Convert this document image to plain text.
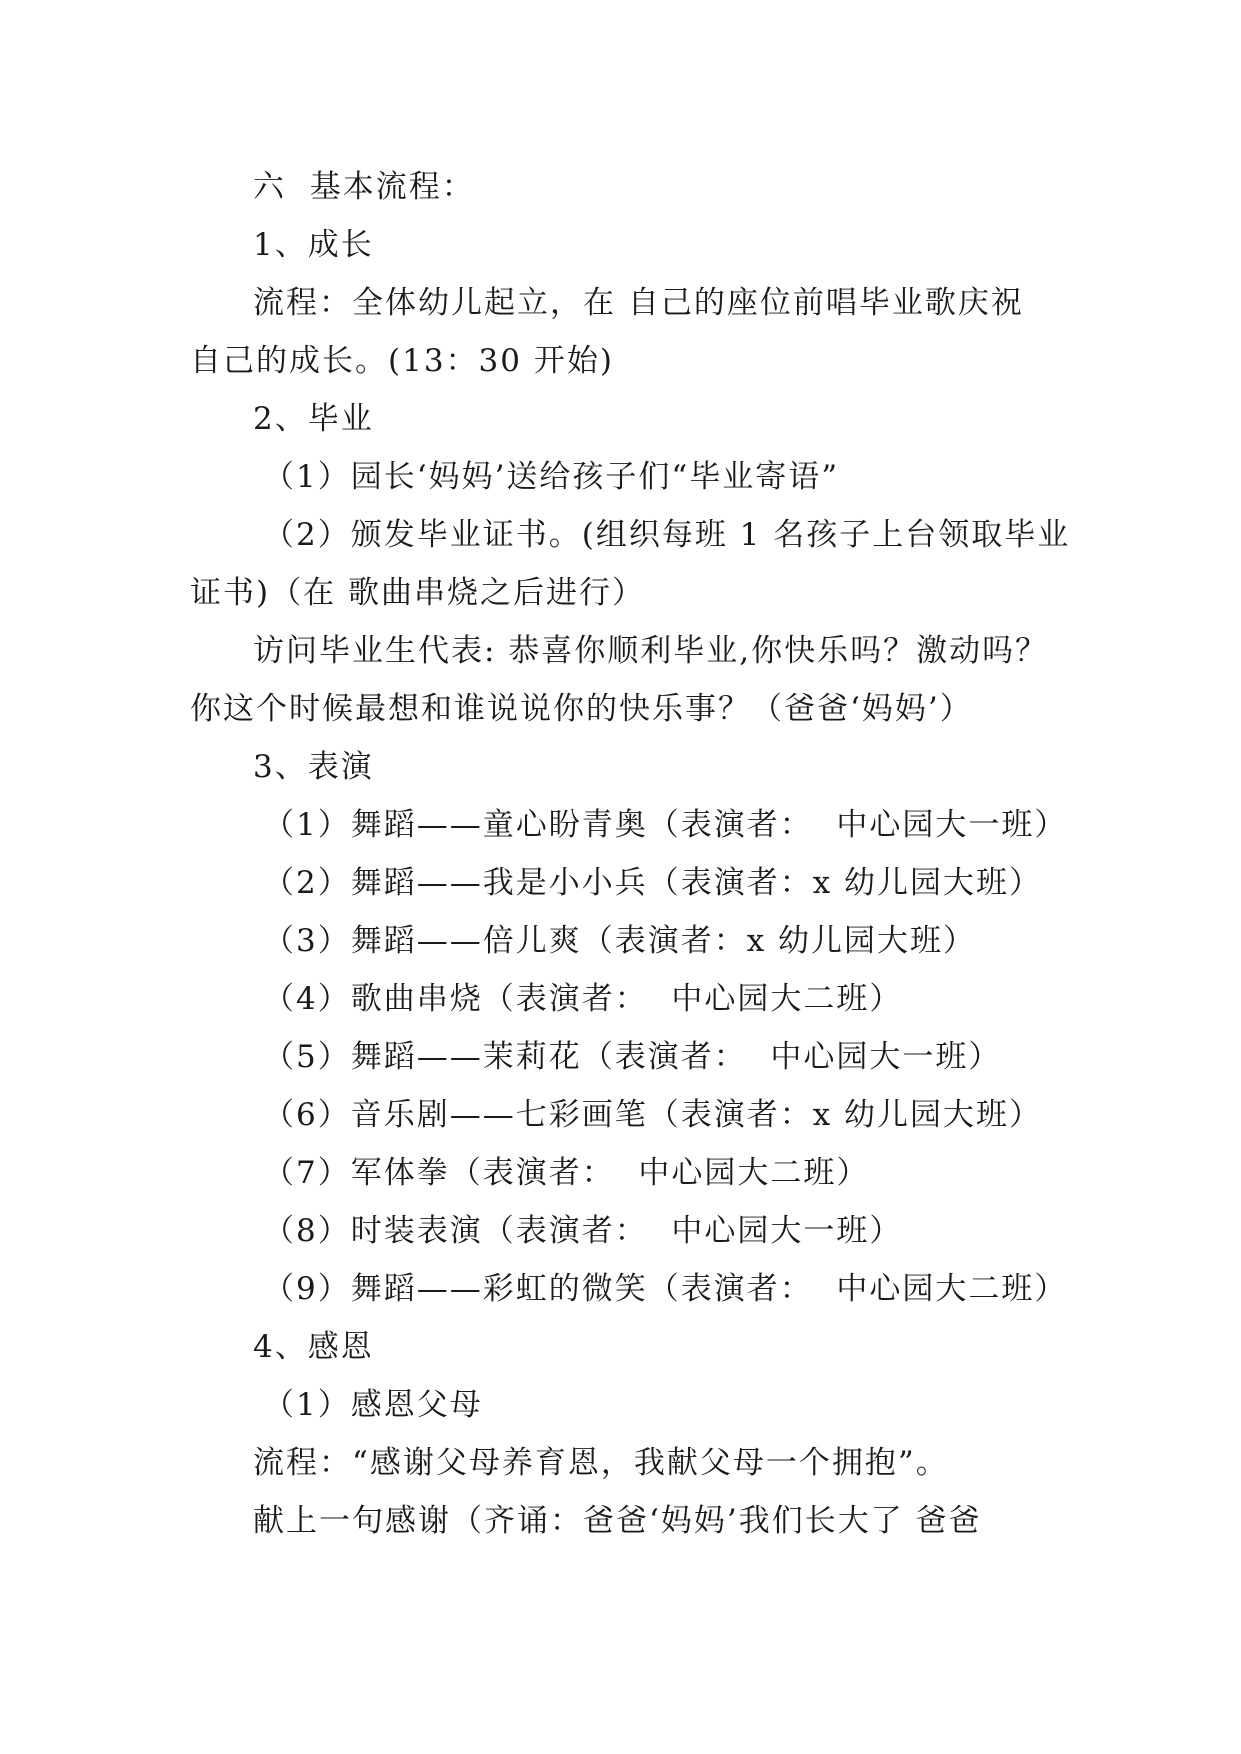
六  基本流程：
1、成长
流程：全体幼儿起立，在 自己的座位前唱毕业歌庆祝
自己的成长。(13：30 开始)
2、毕业
（1）园长‘妈妈’送给孩子们“毕业寄语”
（2）颁发毕业证书。(组织每班 1 名孩子上台领取毕业
证书)（在 歌曲串烧之后进行）
访问毕业生代表: 恭喜你顺利毕业,你快乐吗？激动吗？
你这个时候最想和谁说说你的快乐事？（爸爸‘妈妈’）
3、表演
（1）舞蹈——童心盼青奥（表演者：  中心园大一班）
（2）舞蹈——我是小小兵（表演者：x 幼儿园大班）
（3）舞蹈——倍儿爽（表演者：x 幼儿园大班）
（4）歌曲串烧（表演者：  中心园大二班）
（5）舞蹈——茉莉花（表演者：  中心园大一班）
（6）音乐剧——七彩画笔（表演者：x 幼儿园大班）
（7）军体拳（表演者：  中心园大二班）
（8）时装表演（表演者：  中心园大一班）
（9）舞蹈——彩虹的微笑（表演者：  中心园大二班）
4、感恩
（1）感恩父母
流程：“感谢父母养育恩，我献父母一个拥抱”。
献上一句感谢（齐诵：爸爸‘妈妈’我们长大了 爸爸
